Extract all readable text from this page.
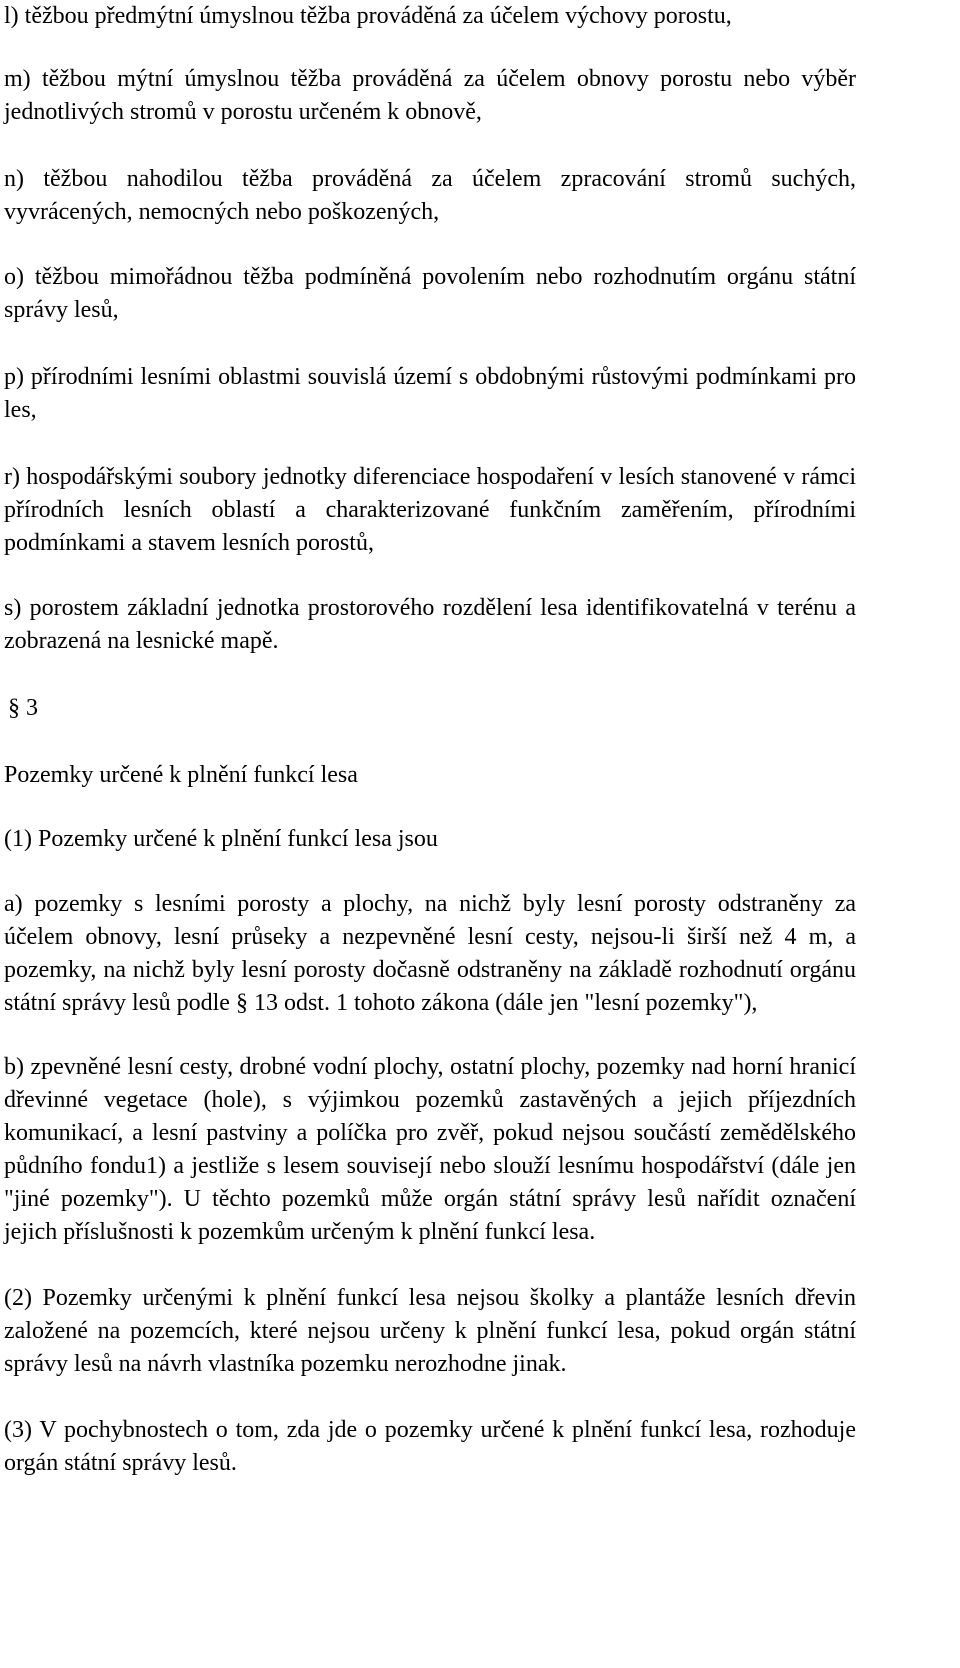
l) těžbou předmýtní úmyslnou těžba prováděná za účelem výchovy porostu,

m) těžbou mýtní úmyslnou těžba prováděná za účelem obnovy porostu nebo výběr jednotlivých stromů v porostu určeném k obnově,

n) těžbou nahodilou těžba prováděná za účelem zpracování stromů suchých, vyvrácených, nemocných nebo poškozených,

o) těžbou mimořádnou těžba podmíněná povolením nebo rozhodnutím orgánu státní správy lesů,

p) přírodními lesními oblastmi souvislá území s obdobnými růstovými podmínkami pro les,

r) hospodářskými soubory jednotky diferenciace hospodaření v lesích stanovené v rámci přírodních lesních oblastí a charakterizované funkčním zaměřením, přírodními podmínkami a stavem lesních porostů,

s) porostem základní jednotka prostorového rozdělení lesa identifikovatelná v terénu a zobrazená na lesnické mapě.

§ 3

Pozemky určené k plnění funkcí lesa

(1) Pozemky určené k plnění funkcí lesa jsou

a) pozemky s lesními porosty a plochy, na nichž byly lesní porosty odstraněny za účelem obnovy, lesní průseky a nezpevněné lesní cesty, nejsou-li širší než 4 m, a pozemky, na nichž byly lesní porosty dočasně odstraněny na základě rozhodnutí orgánu státní správy lesů podle § 13 odst. 1 tohoto zákona (dále jen "lesní pozemky"),

b) zpevněné lesní cesty, drobné vodní plochy, ostatní plochy, pozemky nad horní hranicí dřevinné vegetace (hole), s výjimkou pozemků zastavěných a jejich příjezdních komunikací, a lesní pastviny a políčka pro zvěř, pokud nejsou součástí zemědělského půdního fondu1) a jestliže s lesem souvisejí nebo slouží lesnímu hospodářství (dále jen "jiné pozemky"). U těchto pozemků může orgán státní správy lesů nařídit označení jejich příslušnosti k pozemkům určeným k plnění funkcí lesa.

(2) Pozemky určenými k plnění funkcí lesa nejsou školky a plantáže lesních dřevin založené na pozemcích, které nejsou určeny k plnění funkcí lesa, pokud orgán státní správy lesů na návrh vlastníka pozemku nerozhodne jinak.

(3) V pochybnostech o tom, zda jde o pozemky určené k plnění funkcí lesa, rozhoduje orgán státní správy lesů.
